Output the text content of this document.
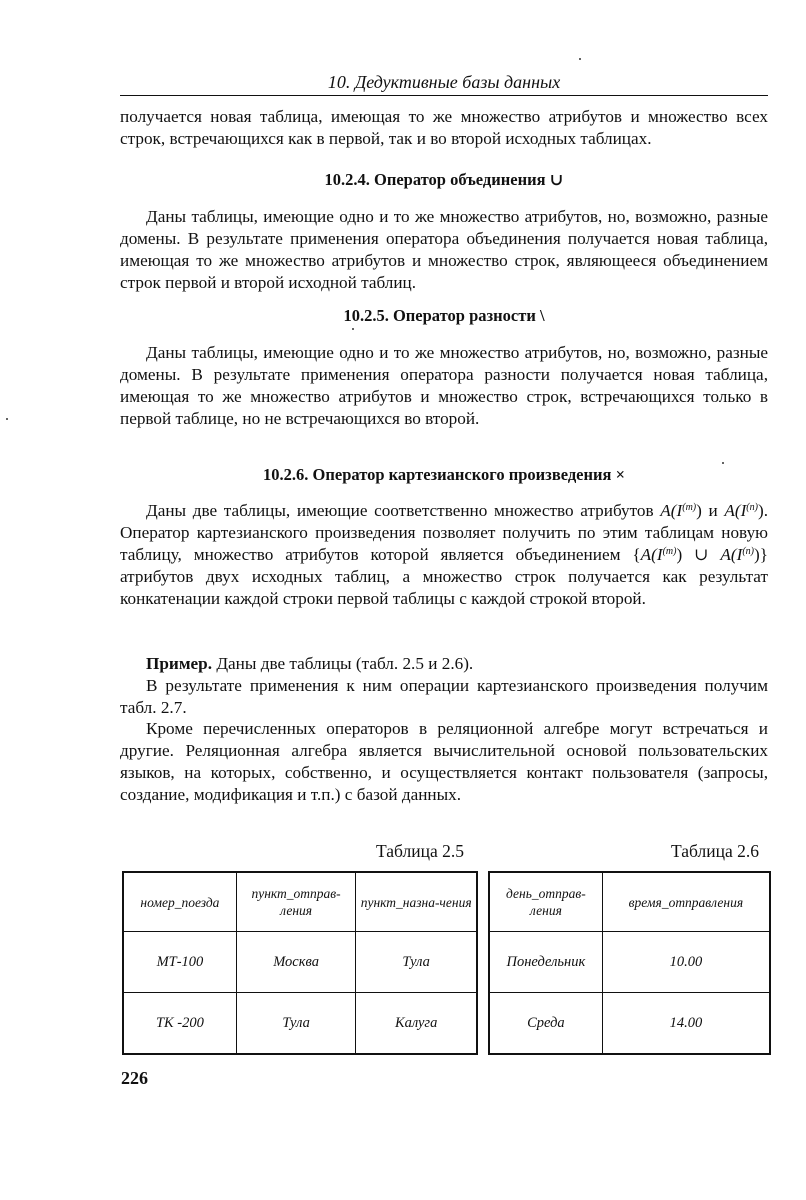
10. Дедуктивные базы данных

получается новая таблица, имеющая то же множество атрибутов и множество всех строк, встречающихся как в первой, так и во второй исходных таблицах.

10.2.4. Оператор объединения ∪

Даны таблицы, имеющие одно и то же множество атрибутов, но, возможно, разные домены. В результате применения оператора объединения получается новая таблица, имеющая то же множество атрибутов и множество строк, являющееся объединением строк первой и второй исходной таблиц.

10.2.5. Оператор разности \

Даны таблицы, имеющие одно и то же множество атрибутов, но, возможно, разные домены. В результате применения оператора разности получается новая таблица, имеющая то же множество атрибутов и множество строк, встречающихся только в первой таблице, но не встречающихся во второй.

10.2.6. Оператор картезианского произведения ×

Даны две таблицы, имеющие соответственно множество атрибутов $A(I^{(m)})$ и $A(I^{(n)})$. Оператор картезианского произведения позволяет получить по этим таблицам новую таблицу, множество атрибутов которой является объединением {$A(I^{(m)})$ ∪ $A(I^{(n)})$} атрибутов двух исходных таблиц, а множество строк получается как результат конкатенации каждой строки первой таблицы с каждой строкой второй.

Пример. Даны две таблицы (табл. 2.5 и 2.6).

В результате применения к ним операции картезианского произведения получим табл. 2.7.

Кроме перечисленных операторов в реляционной алгебре могут встречаться и другие. Реляционная алгебра является вычислительной основой пользовательских языков, на которых, собственно, и осуществляется контакт пользователя (запросы, создание, модификация и т.п.) с базой данных.

Таблица 2.5	Таблица 2.6
номер_поезда	пункт_отправ-ления	пункт_назна-чения
МТ-100	Москва	Тула
ТК -200	Тула	Калуга
день_отправ-ления	время_отправления
Понедельник	10.00
Среда	14.00
226
